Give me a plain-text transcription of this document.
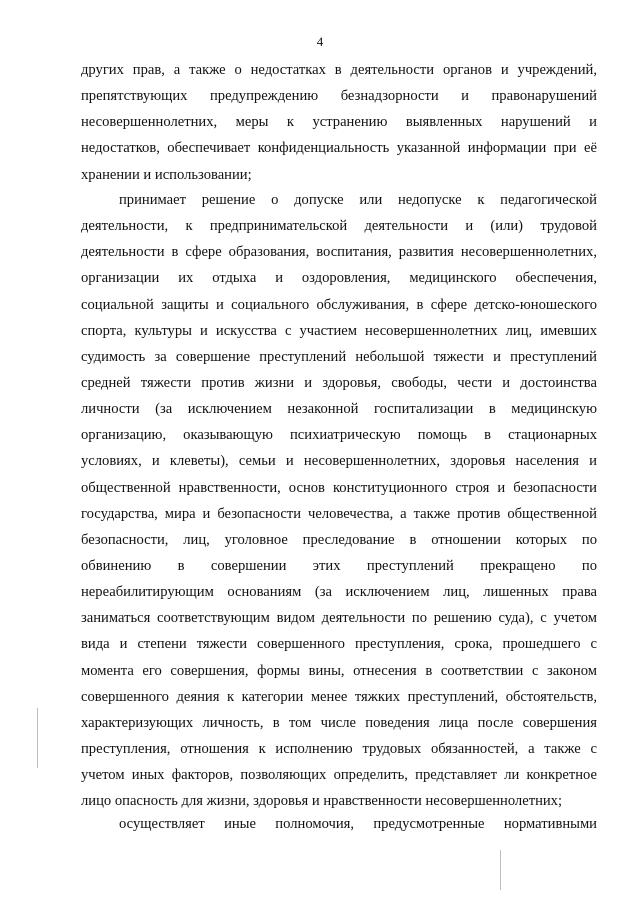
4
других прав, а также о недостатках в деятельности органов и учреждений,
препятствующих предупреждению безнадзорности и правонарушений
несовершеннолетних, меры к устранению выявленных нарушений и
недостатков, обеспечивает конфиденциальность указанной информации при её
хранении и использовании;
принимает решение о допуске или недопуске к педагогической
деятельности, к предпринимательской деятельности и (или) трудовой
деятельности в сфере образования, воспитания, развития несовершеннолетних,
организации их отдыха и оздоровления, медицинского обеспечения,
социальной защиты и социального обслуживания, в сфере детско-юношеского
спорта, культуры и искусства с участием несовершеннолетних лиц, имевших
судимость за совершение преступлений небольшой тяжести и преступлений
средней тяжести против жизни и здоровья, свободы, чести и достоинства
личности (за исключением незаконной госпитализации в медицинскую
организацию, оказывающую психиатрическую помощь в стационарных
условиях, и клеветы), семьи и несовершеннолетних, здоровья населения и
общественной нравственности, основ конституционного строя и безопасности
государства, мира и безопасности человечества, а также против общественной
безопасности, лиц, уголовное преследование в отношении которых по
обвинению в совершении этих преступлений прекращено по
нереабилитирующим основаниям (за исключением лиц, лишенных права
заниматься соответствующим видом деятельности по решению суда), с учетом
вида и степени тяжести совершенного преступления, срока, прошедшего с
момента его совершения, формы вины, отнесения в соответствии с законом
совершенного деяния к категории менее тяжких преступлений, обстоятельств,
характеризующих личность, в том числе поведения лица после совершения
преступления, отношения к исполнению трудовых обязанностей, а также с
учетом иных факторов, позволяющих определить, представляет ли конкретное
лицо опасность для жизни, здоровья и нравственности несовершеннолетних;
осуществляет иные полномочия, предусмотренные нормативными
